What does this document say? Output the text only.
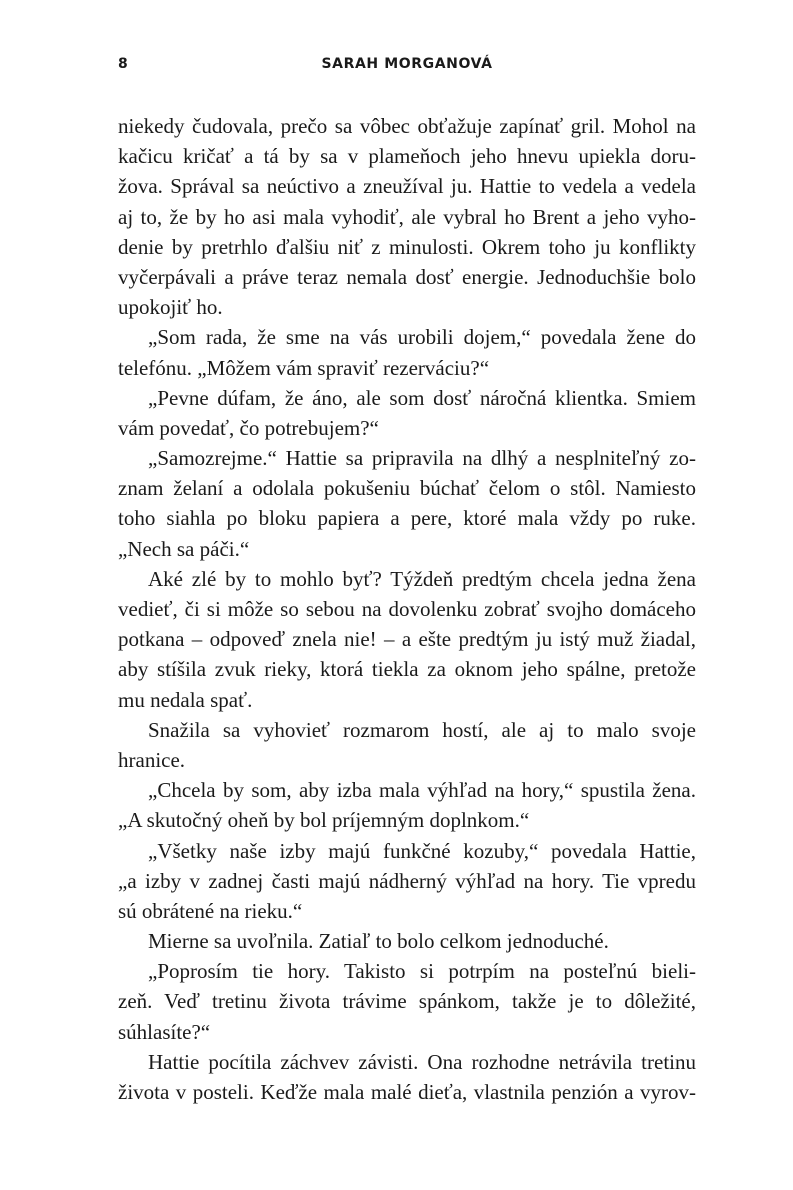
8	SARAH MORGANOVÁ
niekedy čudovala, prečo sa vôbec obťažuje zapínať gril. Mohol na
kačicu kričať a tá by sa v plameňoch jeho hnevu upiekla doru-
žova. Správal sa neúctivo a zneužíval ju. Hattie to vedela a vedela
aj to, že by ho asi mala vyhodiť, ale vybral ho Brent a jeho vyho-
denie by pretrhlo ďalšiu niť z minulosti. Okrem toho ju konflikty
vyčerpávali a práve teraz nemala dosť energie. Jednoduchšie bolo
upokojiť ho.
„Som rada, že sme na vás urobili dojem,“ povedala žene do
telefónu. „Môžem vám spraviť rezerváciu?“
„Pevne dúfam, že áno, ale som dosť náročná klientka. Smiem
vám povedať, čo potrebujem?“
„Samozrejme.“ Hattie sa pripravila na dlhý a nesplniteľný zo-
znam želaní a odolala pokušeniu búchať čelom o stôl. Namiesto
toho siahla po bloku papiera a pere, ktoré mala vždy po ruke.
„Nech sa páči.“
Aké zlé by to mohlo byť? Týždeň predtým chcela jedna žena
vedieť, či si môže so sebou na dovolenku zobrať svojho domáceho
potkana – odpoveď znela nie! – a ešte predtým ju istý muž žiadal,
aby stíšila zvuk rieky, ktorá tiekla za oknom jeho spálne, pretože
mu nedala spať.
Snažila sa vyhovieť rozmarom hostí, ale aj to malo svoje
hranice.
„Chcela by som, aby izba mala výhľad na hory,“ spustila žena.
„A skutočný oheň by bol príjemným doplnkom.“
„Všetky naše izby majú funkčné kozuby,“ povedala Hattie,
„a izby v zadnej časti majú nádherný výhľad na hory. Tie vpredu
sú obrátené na rieku.“
Mierne sa uvoľnila. Zatiaľ to bolo celkom jednoduché.
„Poprosím tie hory. Takisto si potrpím na posteľnú bieli-
zeň. Veď tretinu života trávime spánkom, takže je to dôležité,
súhlasíte?“
Hattie pocítila záchvev závisti. Ona rozhodne netrávila tretinu
života v posteli. Keďže mala malé dieťa, vlastnila penzión a vyrov-
